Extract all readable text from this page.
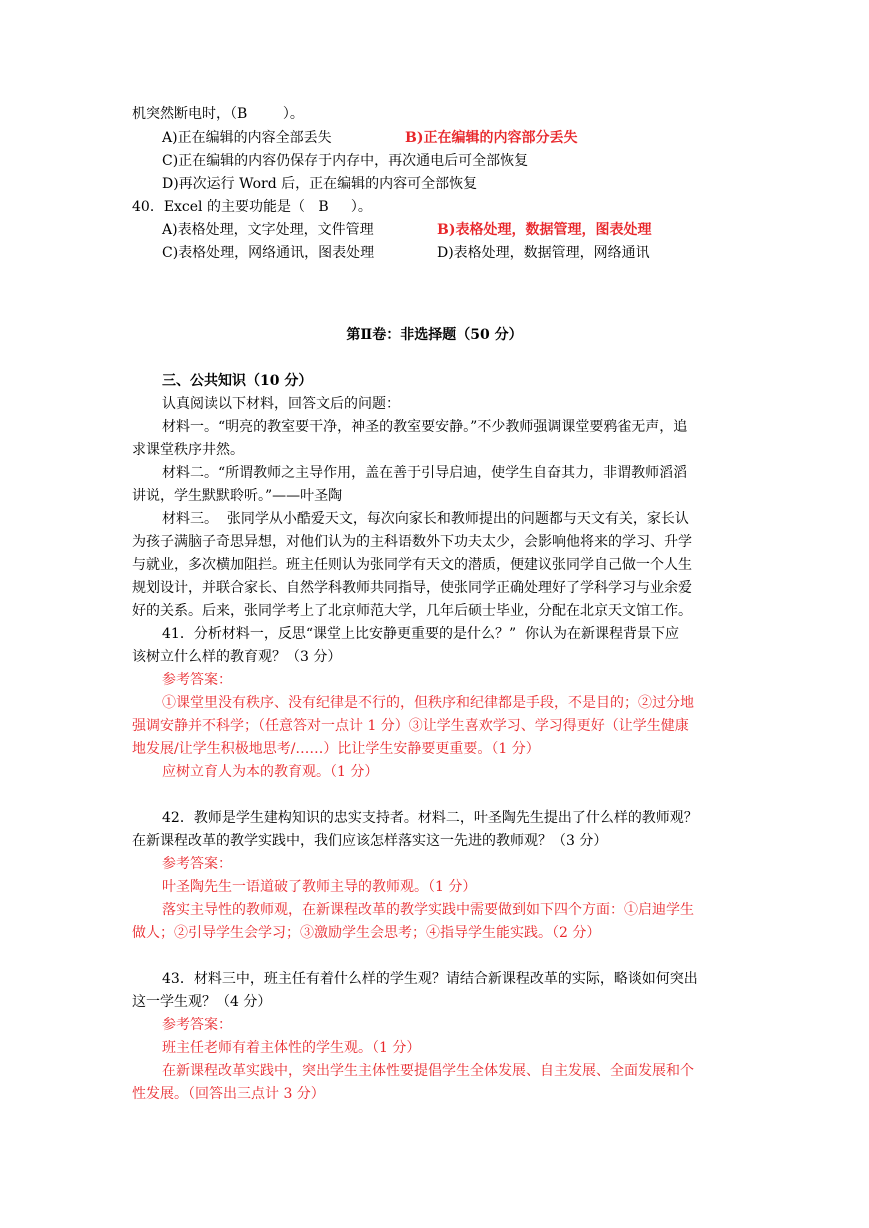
机突然断电时，（B        ）。
A)正在编辑的内容全部丢失	B)正在编辑的内容部分丢失
C)正在编辑的内容仍保存于内存中，再次通电后可全部恢复
D)再次运行 Word 后，正在编辑的内容可全部恢复
40．Excel 的主要功能是（   B     ）。
A)表格处理，文字处理，文件管理	B)表格处理，数据管理，图表处理
C)表格处理，网络通讯，图表处理	D)表格处理，数据管理，网络通讯
第Ⅱ卷：非选择题（50 分）
三、公共知识（10 分）
认真阅读以下材料，回答文后的问题：
材料一。“明亮的教室要干净，神圣的教室要安静。”不少教师强调课堂要鸦雀无声，追
求课堂秩序井然。
材料二。“所谓教师之主导作用，盖在善于引导启迪，使学生自奋其力，非谓教师滔滔
讲说，学生默默聆听。”——叶圣陶
材料三。  张同学从小酷爱天文，每次向家长和教师提出的问题都与天文有关，家长认
为孩子满脑子奇思异想，对他们认为的主科语数外下功夫太少，会影响他将来的学习、升学
与就业，多次横加阻拦。班主任则认为张同学有天文的潜质，便建议张同学自己做一个人生
规划设计，并联合家长、自然学科教师共同指导，使张同学正确处理好了学科学习与业余爱
好的关系。后来，张同学考上了北京师范大学，几年后硕士毕业，分配在北京天文馆工作。
41．分析材料一，反思“课堂上比安静更重要的是什么？”  你认为在新课程背景下应
该树立什么样的教育观？（3 分）
参考答案：
①课堂里没有秩序、没有纪律是不行的，但秩序和纪律都是手段，不是目的；②过分地
强调安静并不科学；（任意答对一点计 1 分）③让学生喜欢学习、学习得更好（让学生健康
地发展/让学生积极地思考/……）比让学生安静要更重要。（1 分）
应树立育人为本的教育观。（1 分）
42．教师是学生建构知识的忠实支持者。材料二，叶圣陶先生提出了什么样的教师观？
在新课程改革的教学实践中，我们应该怎样落实这一先进的教师观？（3 分）
参考答案：
叶圣陶先生一语道破了教师主导的教师观。（1 分）
落实主导性的教师观，在新课程改革的教学实践中需要做到如下四个方面：①启迪学生
做人；②引导学生会学习；③激励学生会思考；④指导学生能实践。（2 分）
43．材料三中，班主任有着什么样的学生观？请结合新课程改革的实际，略谈如何突出
这一学生观？（4 分）
参考答案：
班主任老师有着主体性的学生观。（1 分）
在新课程改革实践中，突出学生主体性要提倡学生全体发展、自主发展、全面发展和个
性发展。（回答出三点计 3 分）
